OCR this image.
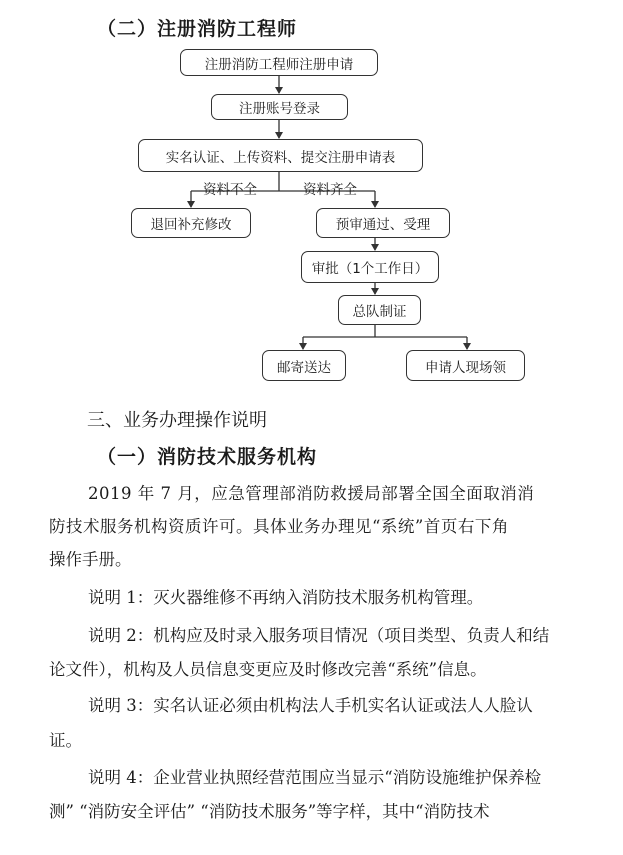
（二）注册消防工程师
注册消防工程师注册申请
注册账号登录
实名认证、上传资料、提交注册申请表
资料不全	资料齐全
退回补充修改	预审通过、受理
审批（1个工作日）
总队制证
邮寄送达	申请人现场领
三、业务办理操作说明
（一）消防技术服务机构
2019 年 7 月，应急管理部消防救援局部署全国全面取消消
防技术服务机构资质许可。具体业务办理见“系统”首页右下角
操作手册。
说明 1：灭火器维修不再纳入消防技术服务机构管理。
说明 2：机构应及时录入服务项目情况（项目类型、负责人和结
论文件），机构及人员信息变更应及时修改完善“系统”信息。
说明 3：实名认证必须由机构法人手机实名认证或法人人脸认
证。
说明 4：企业营业执照经营范围应当显示“消防设施维护保养检
测” “消防安全评估” “消防技术服务”等字样，其中“消防技术
